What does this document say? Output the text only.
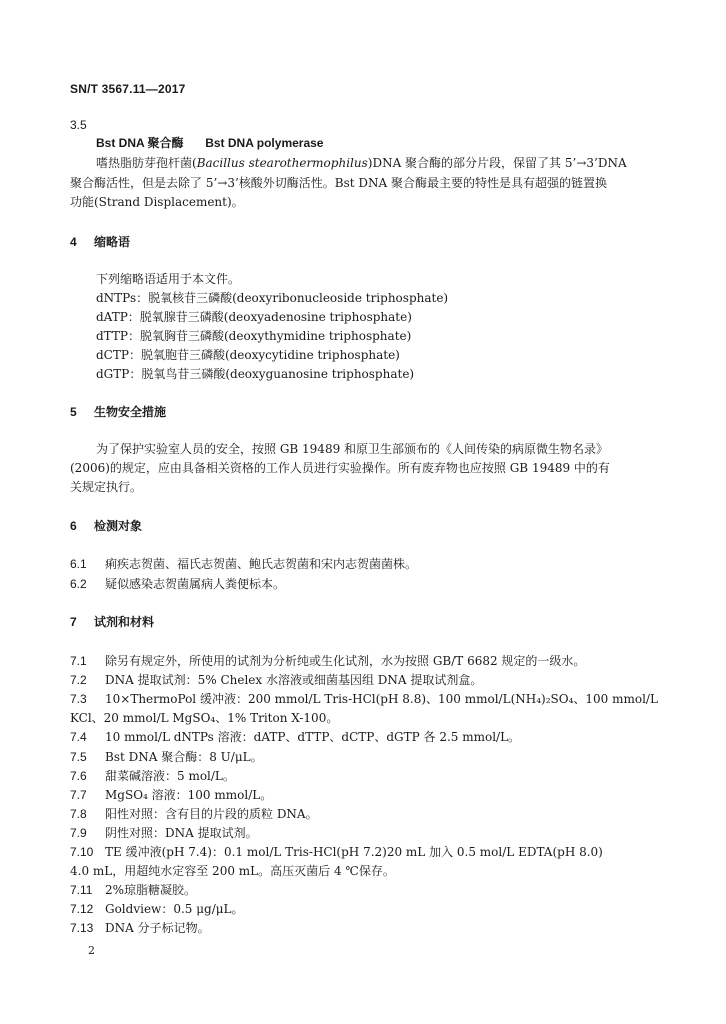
SN/T 3567.11—2017
3.5
Bst DNA 聚合酶 Bst DNA polymerase
嗜热脂肪芽孢杆菌(Bacillus stearothermophilus)DNA 聚合酶的部分片段，保留了其 5’→3’DNA
聚合酶活性，但是去除了 5’→3’核酸外切酶活性。Bst DNA 聚合酶最主要的特性是具有超强的链置换
功能(Strand Displacement)。
4 缩略语
下列缩略语适用于本文件。
dNTPs：脱氧核苷三磷酸(deoxyribonucleoside triphosphate)
dATP：脱氧腺苷三磷酸(deoxyadenosine triphosphate)
dTTP：脱氧胸苷三磷酸(deoxythymidine triphosphate)
dCTP：脱氧胞苷三磷酸(deoxycytidine triphosphate)
dGTP：脱氧鸟苷三磷酸(deoxyguanosine triphosphate)
5 生物安全措施
为了保护实验室人员的安全，按照 GB 19489 和原卫生部颁布的《人间传染的病原微生物名录》
(2006)的规定，应由具备相关资格的工作人员进行实验操作。所有废弃物也应按照 GB 19489 中的有
关规定执行。
6 检测对象
6.1 痢疾志贺菌、福氏志贺菌、鲍氏志贺菌和宋内志贺菌菌株。
6.2 疑似感染志贺菌属病人粪便标本。
7 试剂和材料
7.1 除另有规定外，所使用的试剂为分析纯或生化试剂，水为按照 GB/T 6682 规定的一级水。
7.2 DNA 提取试剂：5% Chelex 水溶液或细菌基因组 DNA 提取试剂盒。
7.3 10×ThermoPol 缓冲液：200 mmol/L Tris-HCl(pH 8.8)、100 mmol/L(NH₄)₂SO₄、100 mmol/L
KCl、20 mmol/L MgSO₄、1% Triton X-100。
7.4 10 mmol/L dNTPs 溶液：dATP、dTTP、dCTP、dGTP 各 2.5 mmol/L。
7.5 Bst DNA 聚合酶：8 U/μL。
7.6 甜菜碱溶液：5 mol/L。
7.7 MgSO₄ 溶液：100 mmol/L。
7.8 阳性对照：含有目的片段的质粒 DNA。
7.9 阴性对照：DNA 提取试剂。
7.10 TE 缓冲液(pH 7.4)：0.1 mol/L Tris-HCl(pH 7.2)20 mL 加入 0.5 mol/L EDTA(pH 8.0)
4.0 mL，用超纯水定容至 200 mL。高压灭菌后 4 ℃保存。
7.11 2%琼脂糖凝胶。
7.12 Goldview：0.5 μg/μL。
7.13 DNA 分子标记物。
2
